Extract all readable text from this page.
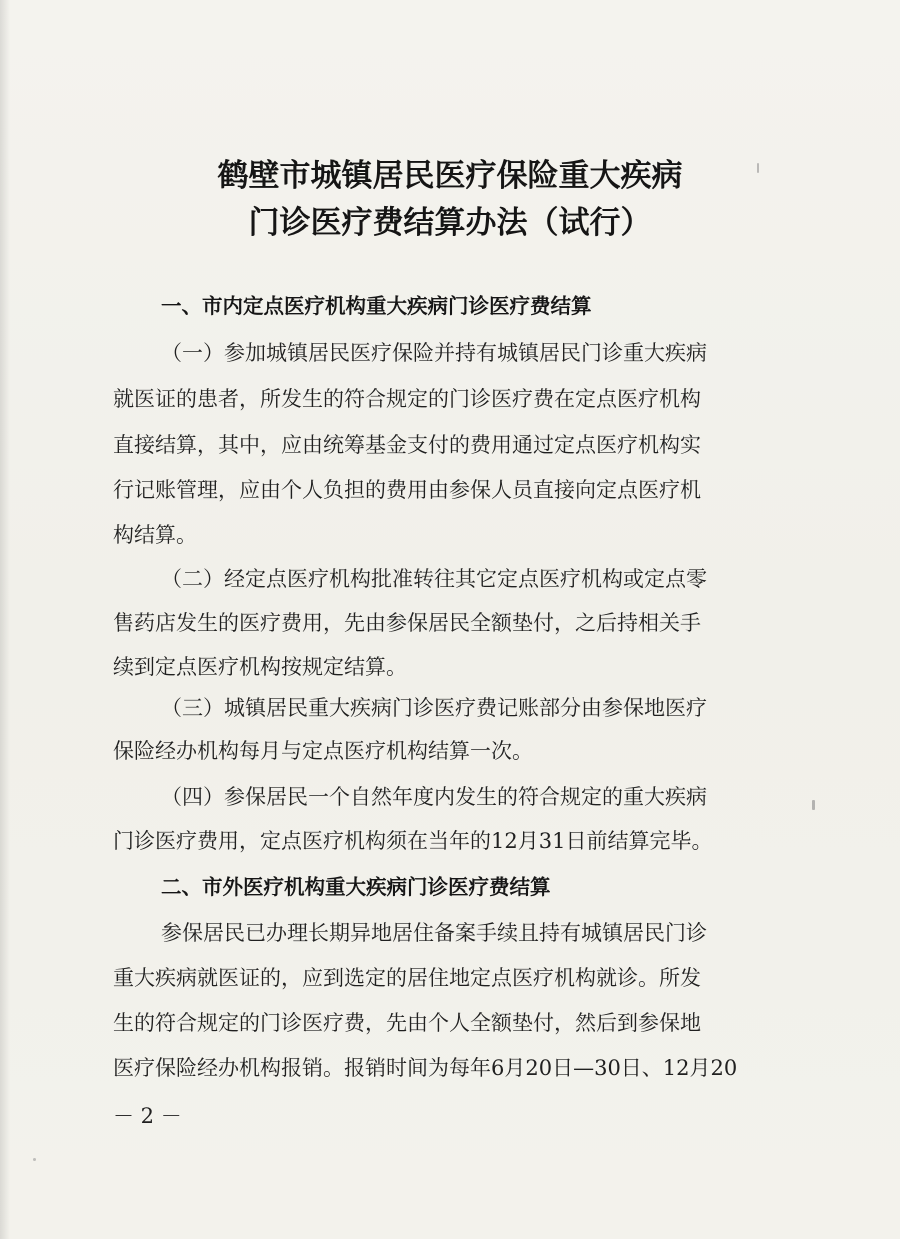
鹤壁市城镇居民医疗保险重大疾病
门诊医疗费结算办法（试行）
一、市内定点医疗机构重大疾病门诊医疗费结算
（一）参加城镇居民医疗保险并持有城镇居民门诊重大疾病
就医证的患者，所发生的符合规定的门诊医疗费在定点医疗机构
直接结算，其中，应由统筹基金支付的费用通过定点医疗机构实
行记账管理，应由个人负担的费用由参保人员直接向定点医疗机
构结算。
（二）经定点医疗机构批准转往其它定点医疗机构或定点零
售药店发生的医疗费用，先由参保居民全额垫付，之后持相关手
续到定点医疗机构按规定结算。
（三）城镇居民重大疾病门诊医疗费记账部分由参保地医疗
保险经办机构每月与定点医疗机构结算一次。
（四）参保居民一个自然年度内发生的符合规定的重大疾病
门诊医疗费用，定点医疗机构须在当年的12月31日前结算完毕。
二、市外医疗机构重大疾病门诊医疗费结算
参保居民已办理长期异地居住备案手续且持有城镇居民门诊
重大疾病就医证的，应到选定的居住地定点医疗机构就诊。所发
生的符合规定的门诊医疗费，先由个人全额垫付，然后到参保地
医疗保险经办机构报销。报销时间为每年6月20日—30日、12月20
－ 2 －
